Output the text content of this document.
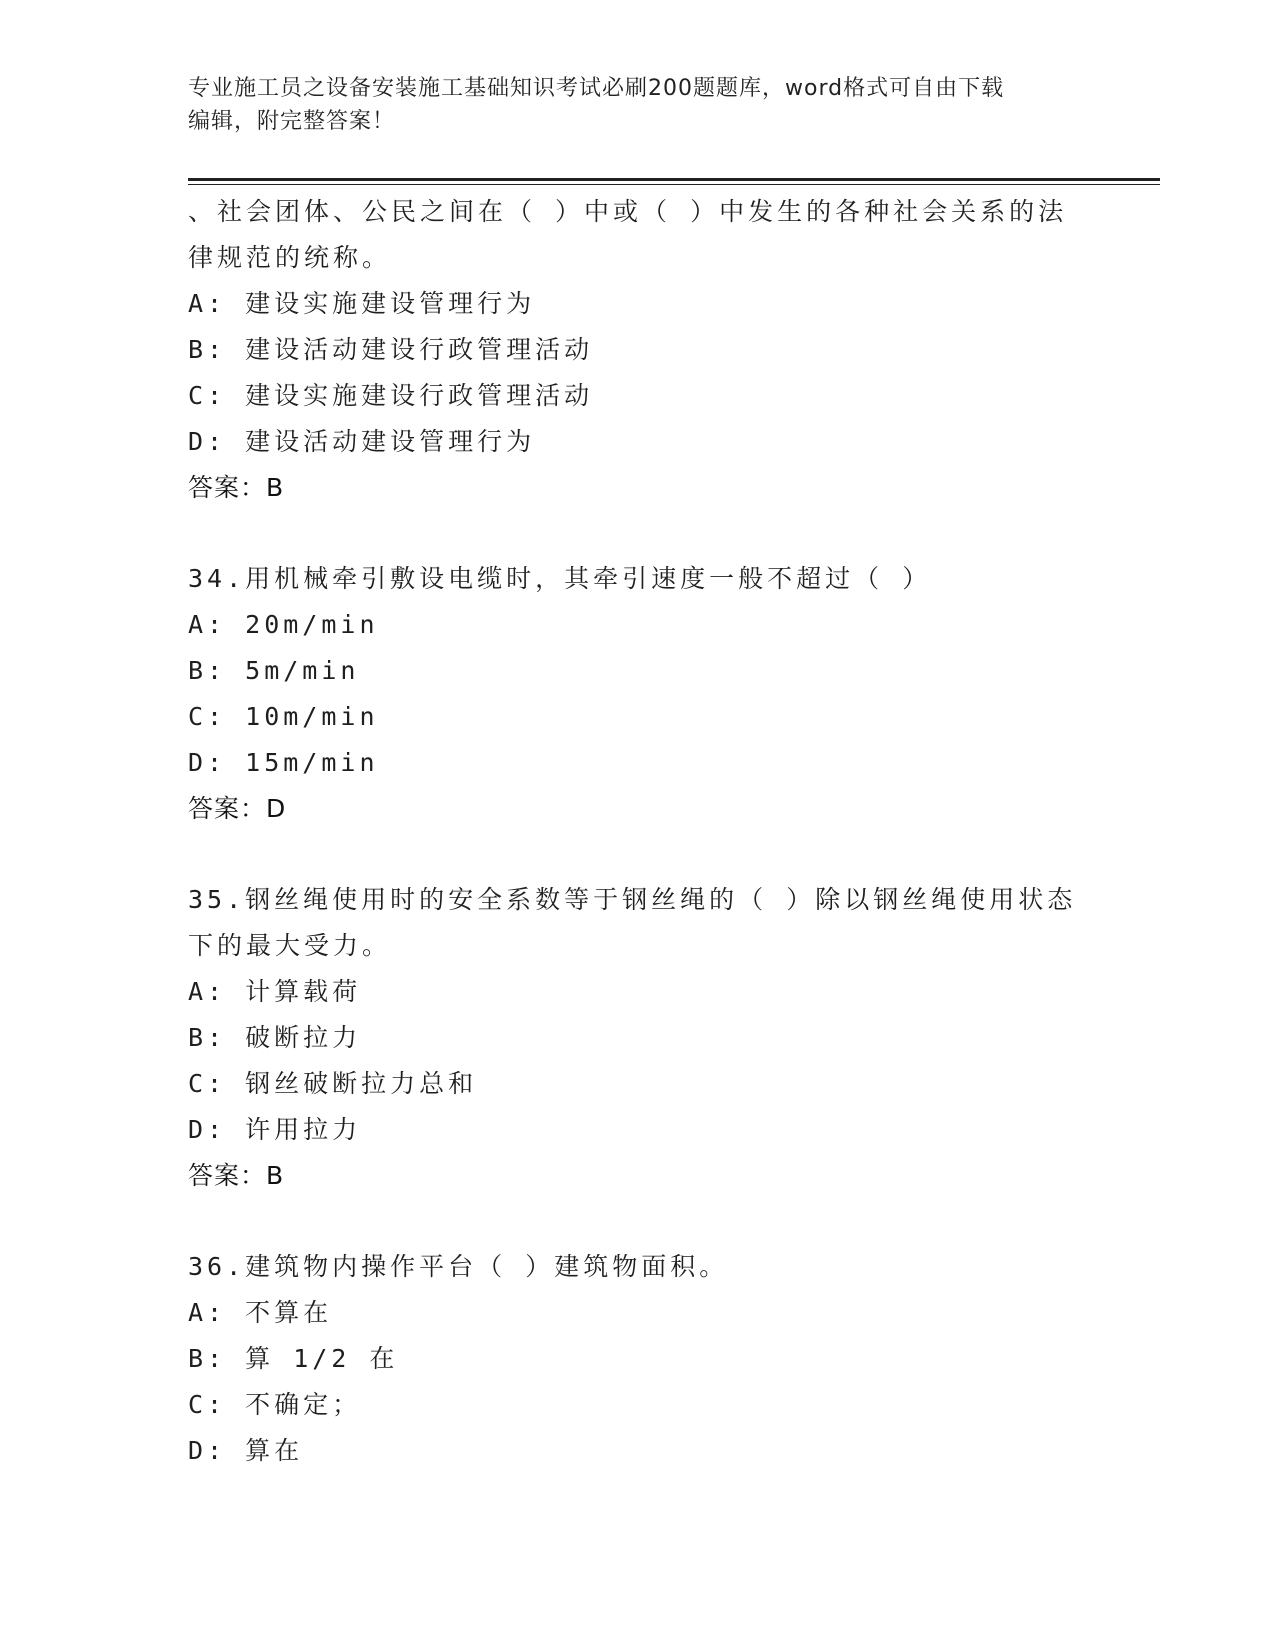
专业施工员之设备安装施工基础知识考试必刷200题题库，word格式可自由下载
编辑，附完整答案！

、社会团体、公民之间在（ ）中或（ ）中发生的各种社会关系的法

律规范的统称。

A: 建设实施建设管理行为

B: 建设活动建设行政管理活动

C: 建设实施建设行政管理活动

D: 建设活动建设管理行为

答案：B

34.用机械牵引敷设电缆时，其牵引速度一般不超过（ ）

A: 20m/min

B: 5m/min

C: 10m/min

D: 15m/min

答案：D

35.钢丝绳使用时的安全系数等于钢丝绳的（ ）除以钢丝绳使用状态

下的最大受力。

A: 计算载荷

B: 破断拉力

C: 钢丝破断拉力总和

D: 许用拉力

答案：B

36.建筑物内操作平台（ ）建筑物面积。

A: 不算在

B: 算 1/2 在

C: 不确定；

D: 算在
